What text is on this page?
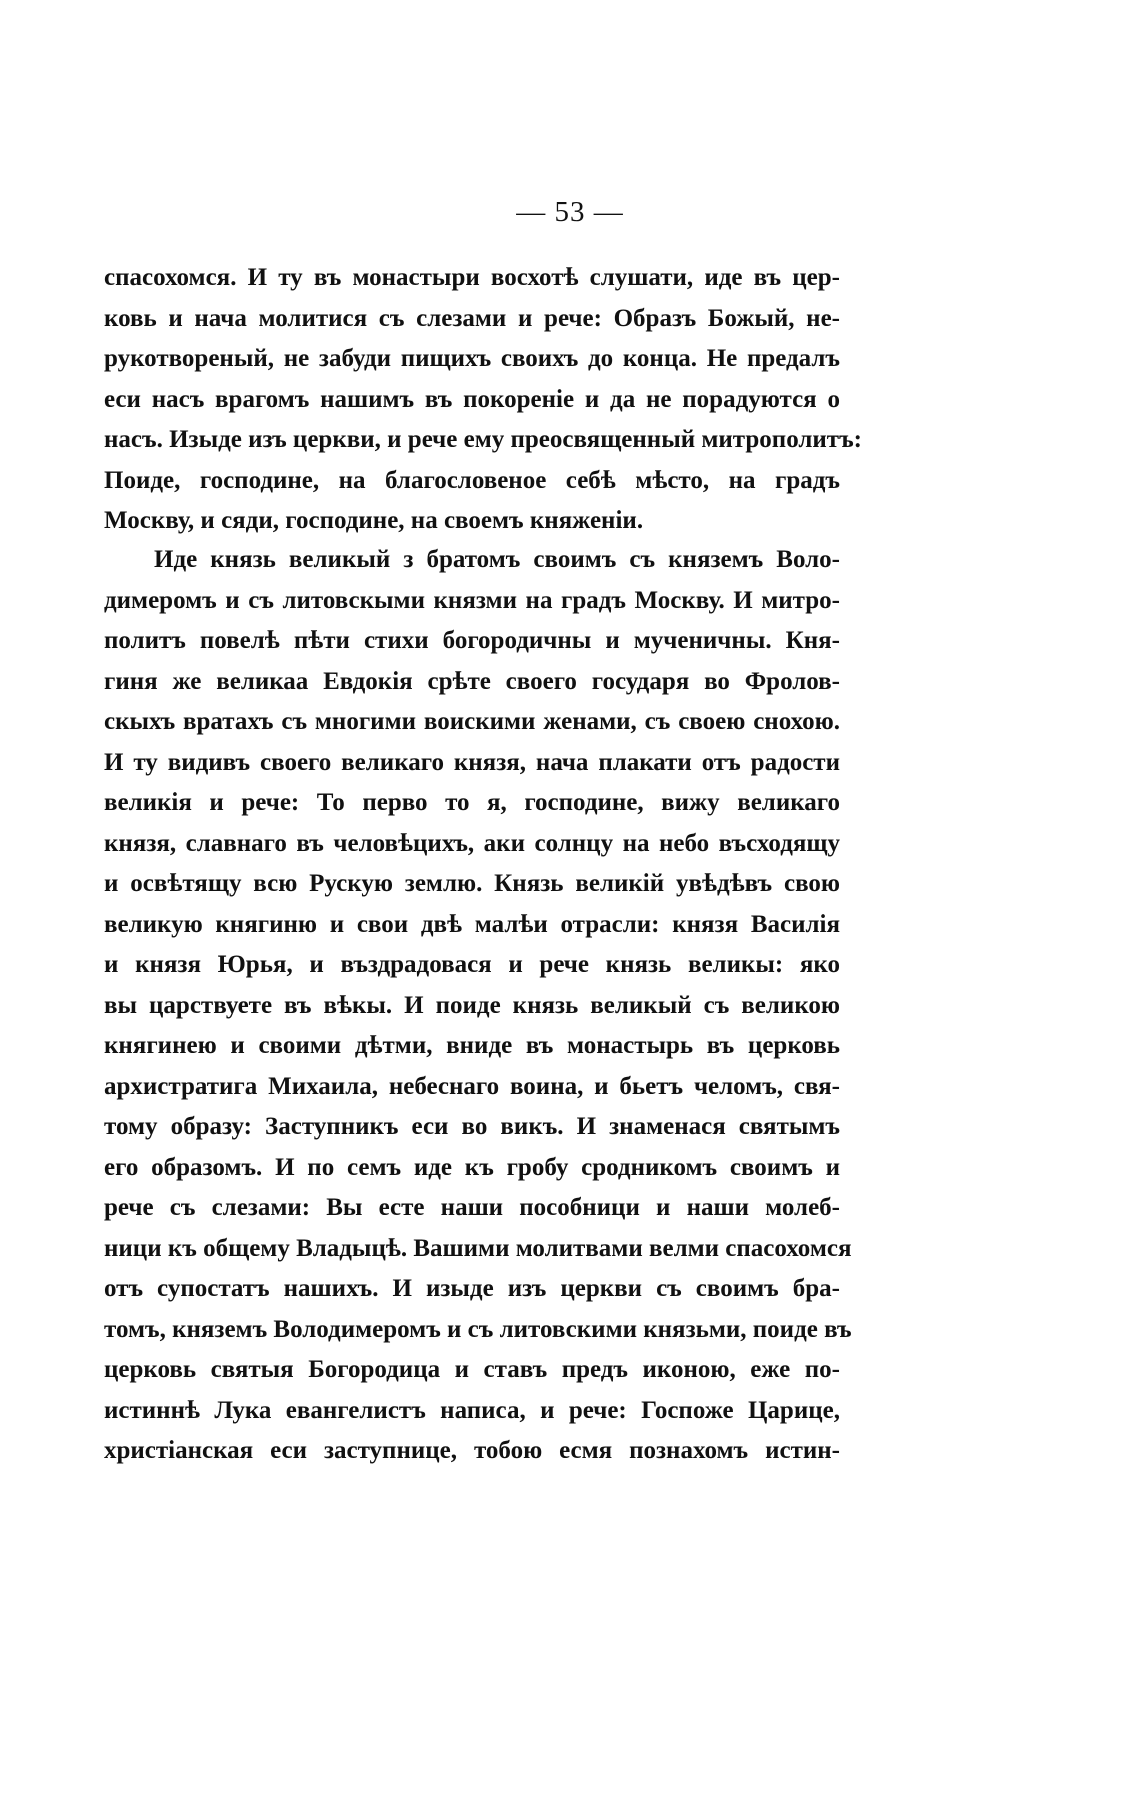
— 53 —
спасохомся. И ту въ монастыри восхотѣ слушати, иде въ цер-
ковь и нача молитися съ слезами и рече: Образъ Божый, не-
рукотвореный, не забуди пищихъ своихъ до конца. Не предалъ
еси насъ врагомъ нашимъ въ покореніе и да не порадуются о
насъ. Изыде изъ церкви, и рече ему преосвященный митрополитъ:
Поиде, господине, на благословеное себѣ мѣсто, на градъ
Москву, и сяди, господине, на своемъ княженіи.
Иде князь великый з братомъ своимъ съ княземъ Воло-
димеромъ и съ литовскыми князми на градъ Москву. И митро-
политъ повелѣ пѣти стихи богородичны и мученичны. Кня-
гиня же великаа Евдокія срѣте своего государя во Фролов-
скыхъ вратахъ съ многими воискими женами, съ своею снохою.
И ту видивъ своего великаго князя, нача плакати отъ радости
великія и рече: То перво то я, господине, вижу великаго
князя, славнаго въ человѣцихъ, аки солнцу на небо въсходящу
и освѣтящу всю Рускую землю. Князь великій увѣдѣвъ свою
великую княгиню и свои двѣ малѣи отрасли: князя Василія
и князя Юрья, и въздрадовася и рече князь великы: яко
вы царствуете въ вѣкы. И поиде князь великый съ великою
княгинею и своими дѣтми, вниде въ монастырь въ церковь
архистратига Михаила, небеснаго воина, и бьетъ челомъ, свя-
тому образу: Заступникъ еси во викъ. И знаменася святымъ
его образомъ. И по семъ иде къ гробу сродникомъ своимъ и
рече съ слезами: Вы есте наши пособници и наши молеб-
ници къ общему Владыцѣ. Вашими молитвами велми спасохомся
отъ супостатъ нашихъ. И изыде изъ церкви съ своимъ бра-
томъ, княземъ Володимеромъ и съ литовскими князьми, поиде въ
церковь святыя Богородица и ставъ предъ иконою, еже по-
истиннѣ Лука евангелистъ написа, и рече: Госпоже Царице,
христіанская еси заступнице, тобою есмя познахомъ истин-
